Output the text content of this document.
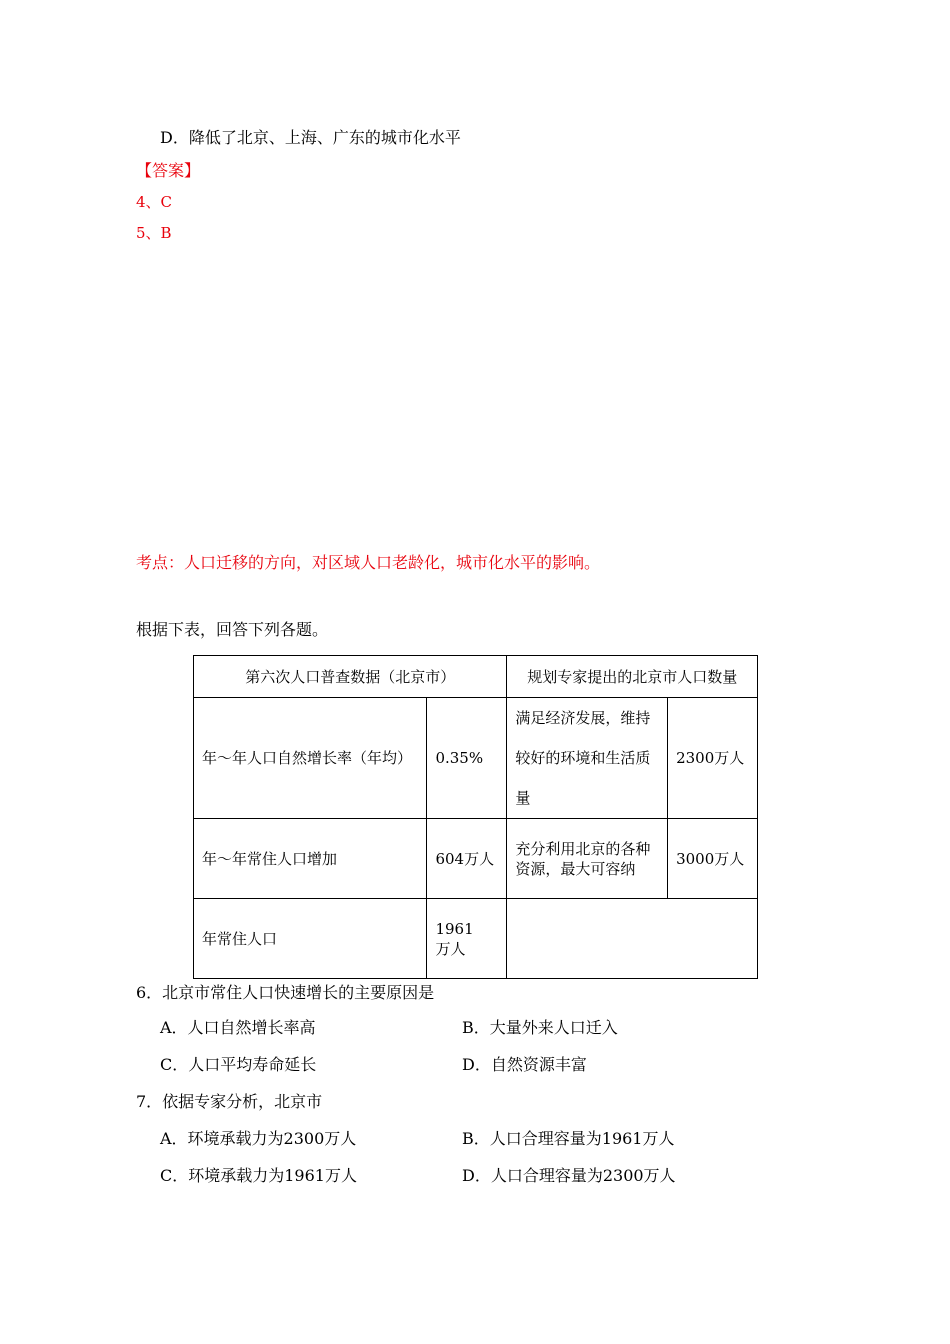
D．降低了北京、上海、广东的城市化水平
【答案】
4、C
5、B
考点：人口迁移的方向，对区域人口老龄化，城市化水平的影响。
根据下表，回答下列各题。
第六次人口普查数据（北京市）		规划专家提出的北京市人口数量	
年～年人口自然增长率（年均）	0.35%	满足经济发展，维持较好的环境和生活质量	2300万人
年～年常住人口增加	604万人	充分利用北京的各种资源，最大可容纳	3000万人
年常住人口	1961　万人		
6．北京市常住人口快速增长的主要原因是
A．人口自然增长率高	B．大量外来人口迁入
C．人口平均寿命延长	D．自然资源丰富
7．依据专家分析，北京市
A．环境承载力为2300万人	B．人口合理容量为1961万人
C．环境承载力为1961万人	D．人口合理容量为2300万人
